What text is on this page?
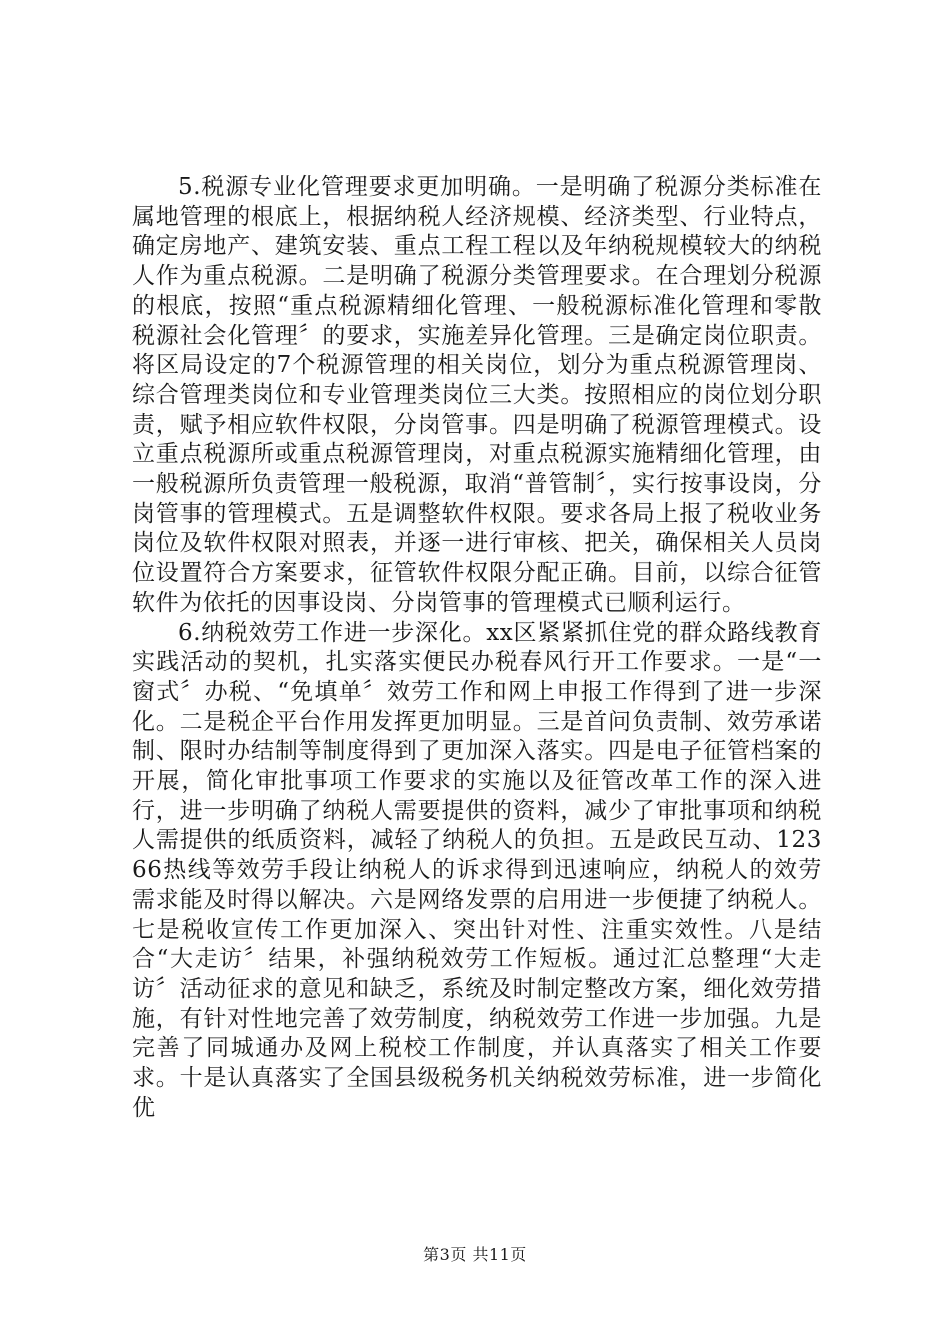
5.税源专业化管理要求更加明确。一是明确了税源分类标准在属地管理的根底上，根据纳税人经济规模、经济类型、行业特点，确定房地产、建筑安装、重点工程工程以及年纳税规模较大的纳税人作为重点税源。二是明确了税源分类管理要求。在合理划分税源的根底，按照“重点税源精细化管理、一般税源标准化管理和零散税源社会化管理〞的要求，实施差异化管理。三是确定岗位职责。将区局设定的7个税源管理的相关岗位，划分为重点税源管理岗、综合管理类岗位和专业管理类岗位三大类。按照相应的岗位划分职责，赋予相应软件权限，分岗管事。四是明确了税源管理模式。设立重点税源所或重点税源管理岗，对重点税源实施精细化管理，由一般税源所负责管理一般税源，取消“普管制〞，实行按事设岗，分岗管事的管理模式。五是调整软件权限。要求各局上报了税收业务岗位及软件权限对照表，并逐一进行审核、把关，确保相关人员岗位设置符合方案要求，征管软件权限分配正确。目前，以综合征管软件为依托的因事设岗、分岗管事的管理模式已顺利运行。

6.纳税效劳工作进一步深化。xx区紧紧抓住党的群众路线教育实践活动的契机，扎实落实便民办税春风行开工作要求。一是“一窗式〞办税、“免填单〞效劳工作和网上申报工作得到了进一步深化。二是税企平台作用发挥更加明显。三是首问负责制、效劳承诺制、限时办结制等制度得到了更加深入落实。四是电子征管档案的开展，简化审批事项工作要求的实施以及征管改革工作的深入进行，进一步明确了纳税人需要提供的资料，减少了审批事项和纳税人需提供的纸质资料，减轻了纳税人的负担。五是政民互动、12366热线等效劳手段让纳税人的诉求得到迅速响应，纳税人的效劳需求能及时得以解决。六是网络发票的启用进一步便捷了纳税人。七是税收宣传工作更加深入、突出针对性、注重实效性。八是结合“大走访〞结果，补强纳税效劳工作短板。通过汇总整理“大走访〞活动征求的意见和缺乏，系统及时制定整改方案，细化效劳措施，有针对性地完善了效劳制度，纳税效劳工作进一步加强。九是完善了同城通办及网上税校工作制度，并认真落实了相关工作要求。十是认真落实了全国县级税务机关纳税效劳标准，进一步简化优

第3页 共11页
